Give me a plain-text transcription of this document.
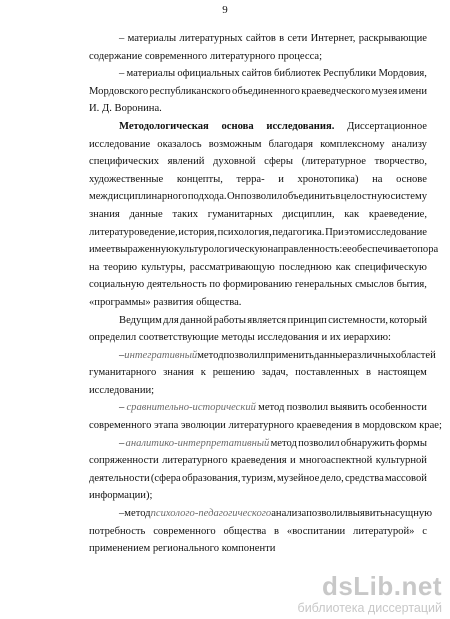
9
– материалы литературных сайтов в сети Интернет, раскрывающие
содержание современного литературного процесса;
– материалы официальных сайтов библиотек Республики Мордовия,
Мордовского республиканского объединенного краеведческого музея имени
И. Д. Воронина.
Методологическая основа исследования. Диссертационное
исследование оказалось возможным благодаря комплексному анализу
специфических явлений духовной сферы (литературное творчество,
художественные концепты, терра- и хронотопика) на основе
междисциплинарного подхода. Он позволил объединить в целостную систему
знания данные таких гуманитарных дисциплин, как краеведение,
литературоведение, история, психология, педагогика. При этом исследование
имеет выраженную культурологическую направленность: ее обеспечивает опора
на теорию культуры, рассматривающую последнюю как специфическую
социальную деятельность по формированию генеральных смыслов бытия,
«программы» развития общества.
Ведущим для данной работы является принцип системности, который
определил соответствующие методы исследования и их иерархию:
– интегративный метод позволил применить данные различных областей
гуманитарного знания к решению задач, поставленных в настоящем
исследовании;
– сравнительно-исторический метод позволил выявить особенности
современного этапа эволюции литературного краеведения в мордовском крае;
– аналитико-интерпретативный метод позволил обнаружить формы
сопряженности литературного краеведения и многоаспектной культурной
деятельности (сфера образования, туризм, музейное дело, средства массовой
информации);
– метод психолого-педагогического анализа позволил выявить насущную
потребность современного общества в «воспитании литературой» с
применением регионального компоненти
dsLib.net
библиотека диссертаций
